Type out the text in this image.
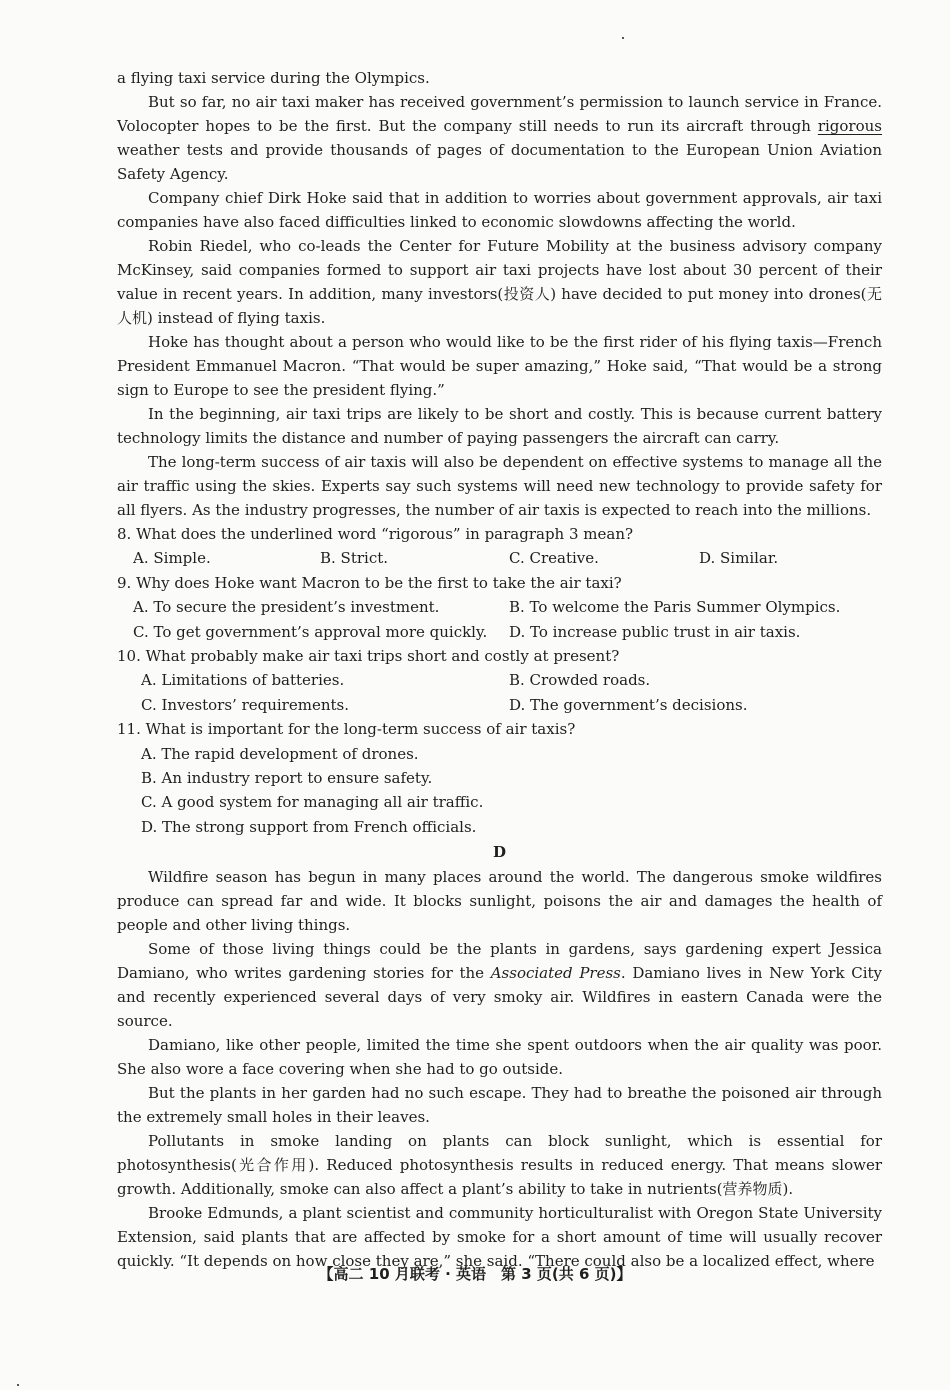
a flying taxi service during the Olympics.

But so far, no air taxi maker has received government’s permission to launch service in France. Volocopter hopes to be the first. But the company still needs to run its aircraft through rigorous weather tests and provide thousands of pages of documentation to the European Union Aviation Safety Agency.

Company chief Dirk Hoke said that in addition to worries about government approvals, air taxi companies have also faced difficulties linked to economic slowdowns affecting the world.

Robin Riedel, who co-leads the Center for Future Mobility at the business advisory company McKinsey, said companies formed to support air taxi projects have lost about 30 percent of their value in recent years. In addition, many investors(投资人) have decided to put money into drones(无人机) instead of flying taxis.

Hoke has thought about a person who would like to be the first rider of his flying taxis—French President Emmanuel Macron. “That would be super amazing,” Hoke said, “That would be a strong sign to Europe to see the president flying.”

In the beginning, air taxi trips are likely to be short and costly. This is because current battery technology limits the distance and number of paying passengers the aircraft can carry.

The long-term success of air taxis will also be dependent on effective systems to manage all the air traffic using the skies. Experts say such systems will need new technology to provide safety for all flyers. As the industry progresses, the number of air taxis is expected to reach into the millions.

8. What does the underlined word “rigorous” in paragraph 3 mean?

A. Simple.	B. Strict.	C. Creative.	D. Similar.

9. Why does Hoke want Macron to be the first to take the air taxi?

A. To secure the president’s investment.	B. To welcome the Paris Summer Olympics.
C. To get government’s approval more quickly.	D. To increase public trust in air taxis.

10. What probably make air taxi trips short and costly at present?

A. Limitations of batteries.	B. Crowded roads.
C. Investors’ requirements.	D. The government’s decisions.

11. What is important for the long-term success of air taxis?

A. The rapid development of drones.
B. An industry report to ensure safety.
C. A good system for managing all air traffic.
D. The strong support from French officials.

D

Wildfire season has begun in many places around the world. The dangerous smoke wildfires produce can spread far and wide. It blocks sunlight, poisons the air and damages the health of people and other living things.

Some of those living things could be the plants in gardens, says gardening expert Jessica Damiano, who writes gardening stories for the Associated Press. Damiano lives in New York City and recently experienced several days of very smoky air. Wildfires in eastern Canada were the source.

Damiano, like other people, limited the time she spent outdoors when the air quality was poor. She also wore a face covering when she had to go outside.

But the plants in her garden had no such escape. They had to breathe the poisoned air through the extremely small holes in their leaves.

Pollutants in smoke landing on plants can block sunlight, which is essential for photosynthesis(光合作用). Reduced photosynthesis results in reduced energy. That means slower growth. Additionally, smoke can also affect a plant’s ability to take in nutrients(营养物质).

Brooke Edmunds, a plant scientist and community horticulturalist with Oregon State University Extension, said plants that are affected by smoke for a short amount of time will usually recover quickly. “It depends on how close they are,” she said. “There could also be a localized effect, where

【高二 10 月联考 · 英语　第 3 页(共 6 页)】
